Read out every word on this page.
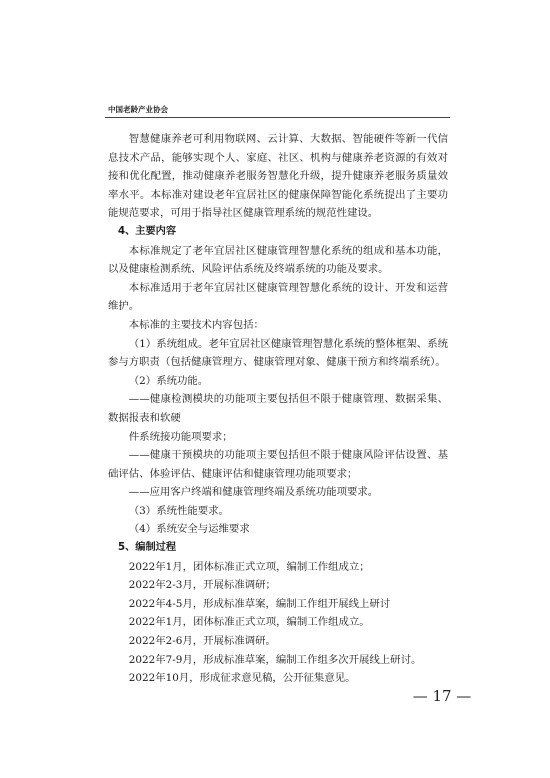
中国老龄产业协会

智慧健康养老可利用物联网、云计算、大数据、智能硬件等新一代信息技术产品，能够实现个人、家庭、社区、机构与健康养老资源的有效对接和优化配置，推动健康养老服务智慧化升级，提升健康养老服务质量效率水平。本标准对建设老年宜居社区的健康保障智能化系统提出了主要功能规范要求，可用于指导社区健康管理系统的规范性建设。

4、主要内容

本标准规定了老年宜居社区健康管理智慧化系统的组成和基本功能，以及健康检测系统、风险评估系统及终端系统的功能及要求。

本标准适用于老年宜居社区健康管理智慧化系统的设计、开发和运营维护。

本标准的主要技术内容包括：

（1）系统组成。老年宜居社区健康管理智慧化系统的整体框架、系统参与方职责（包括健康管理方、健康管理对象、健康干预方和终端系统）。

（2）系统功能。

——健康检测模块的功能项主要包括但不限于健康管理、数据采集、数据报表和软硬

件系统接功能项要求；

——健康干预模块的功能项主要包括但不限于健康风险评估设置、基础评估、体验评估、健康评估和健康管理功能项要求；

——应用客户终端和健康管理终端及系统功能项要求。

（3）系统性能要求。

（4）系统安全与运维要求

5、编制过程

2022年1月，团体标准正式立项，编制工作组成立；

2022年2-3月，开展标准调研；

2022年4-5月，形成标准草案，编制工作组开展线上研讨

2022年1月，团体标准正式立项，编制工作组成立。

2022年2-6月，开展标准调研。

2022年7-9月，形成标准草案，编制工作组多次开展线上研讨。

2022年10月，形成征求意见稿，公开征集意见。

— 17 —
